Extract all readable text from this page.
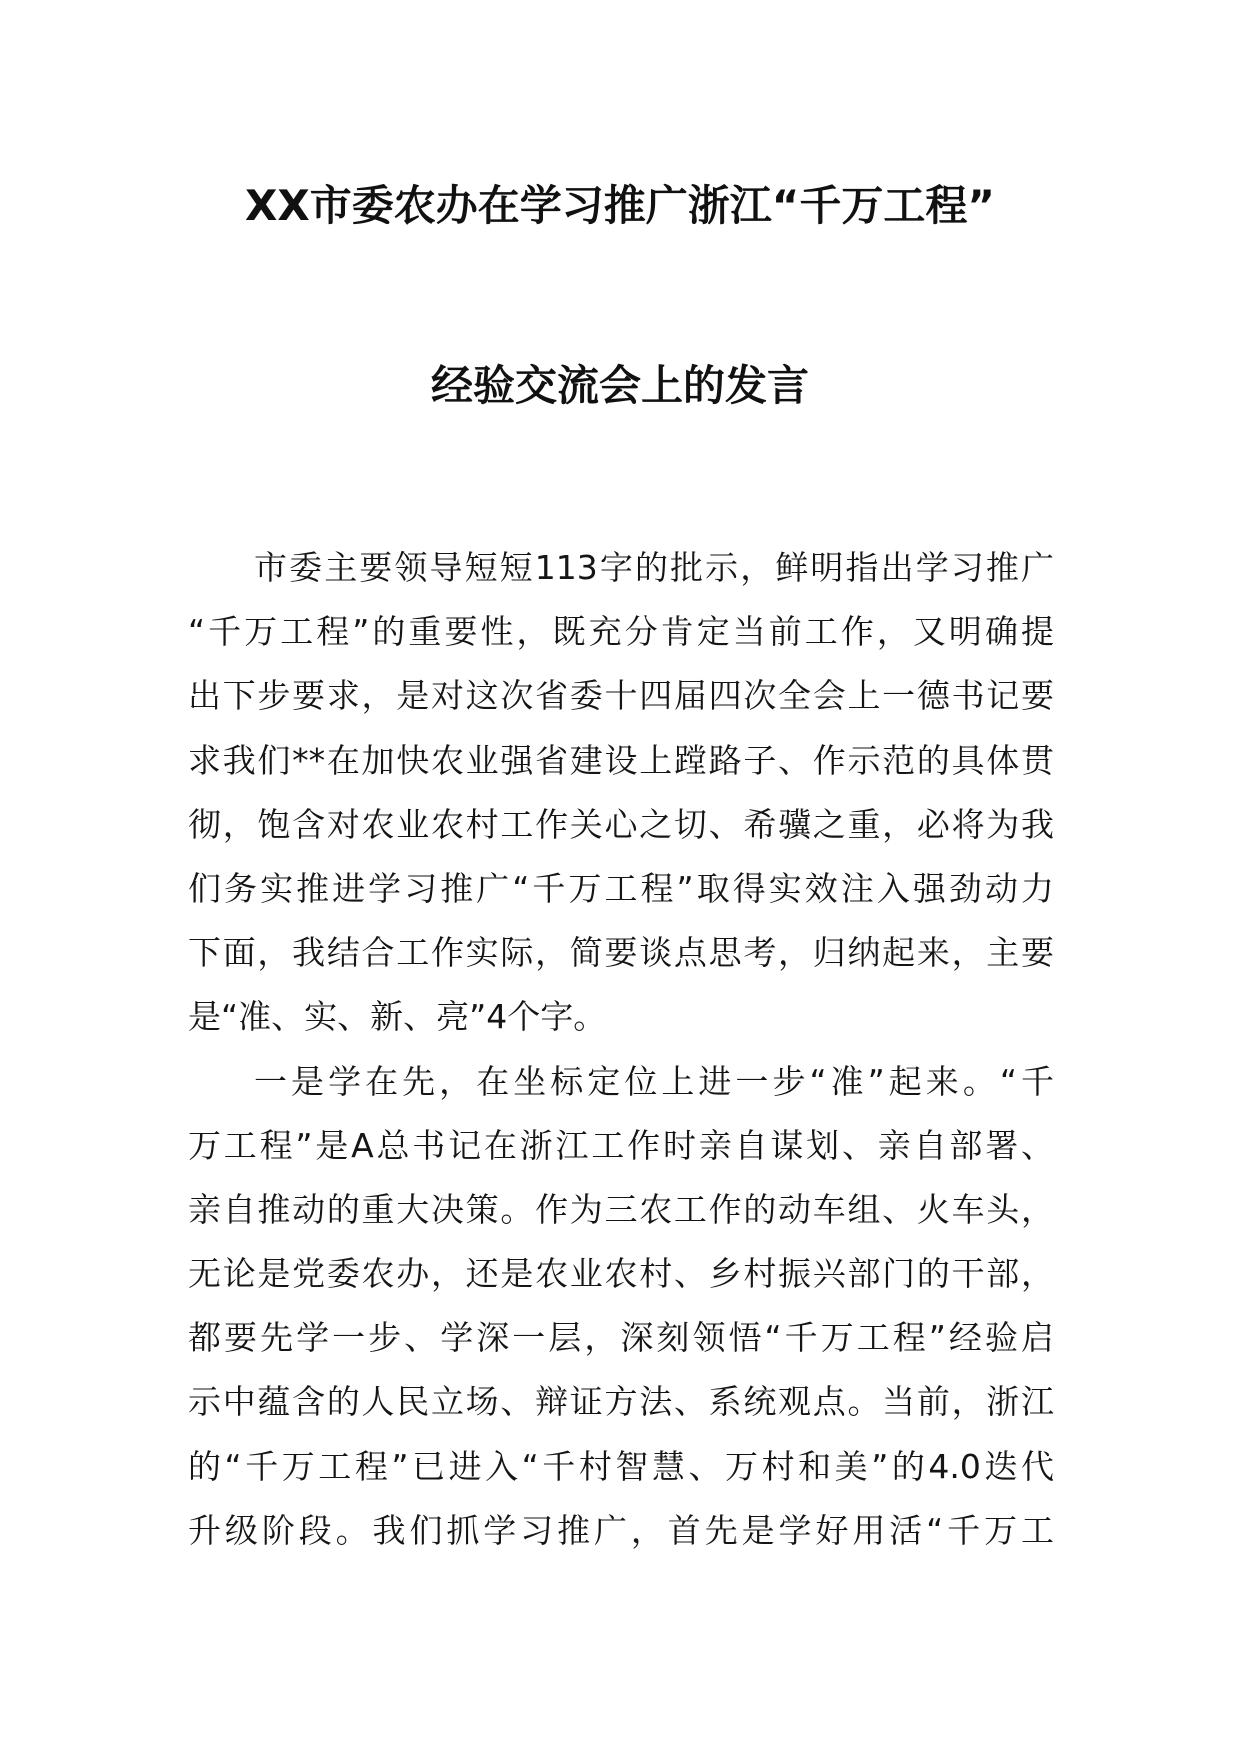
XX市委农办在学习推广浙江“千万工程”
经验交流会上的发言
市委主要领导短短113字的批示，鲜明指出学习推广
“千万工程”的重要性，既充分肯定当前工作，又明确提
出下步要求，是对这次省委十四届四次全会上一德书记要
求我们**在加快农业强省建设上蹚路子、作示范的具体贯
彻，饱含对农业农村工作关心之切、希骥之重，必将为我
们务实推进学习推广“千万工程”取得实效注入强劲动力
下面，我结合工作实际，简要谈点思考，归纳起来，主要
是“准、实、新、亮”4个字。
一是学在先，在坐标定位上进一步“准”起来。“千
万工程”是A总书记在浙江工作时亲自谋划、亲自部署、
亲自推动的重大决策。作为三农工作的动车组、火车头，
无论是党委农办，还是农业农村、乡村振兴部门的干部，
都要先学一步、学深一层，深刻领悟“千万工程”经验启
示中蕴含的人民立场、辩证方法、系统观点。当前，浙江
的“千万工程”已进入“千村智慧、万村和美”的4.0迭代
升级阶段。我们抓学习推广，首先是学好用活“千万工
